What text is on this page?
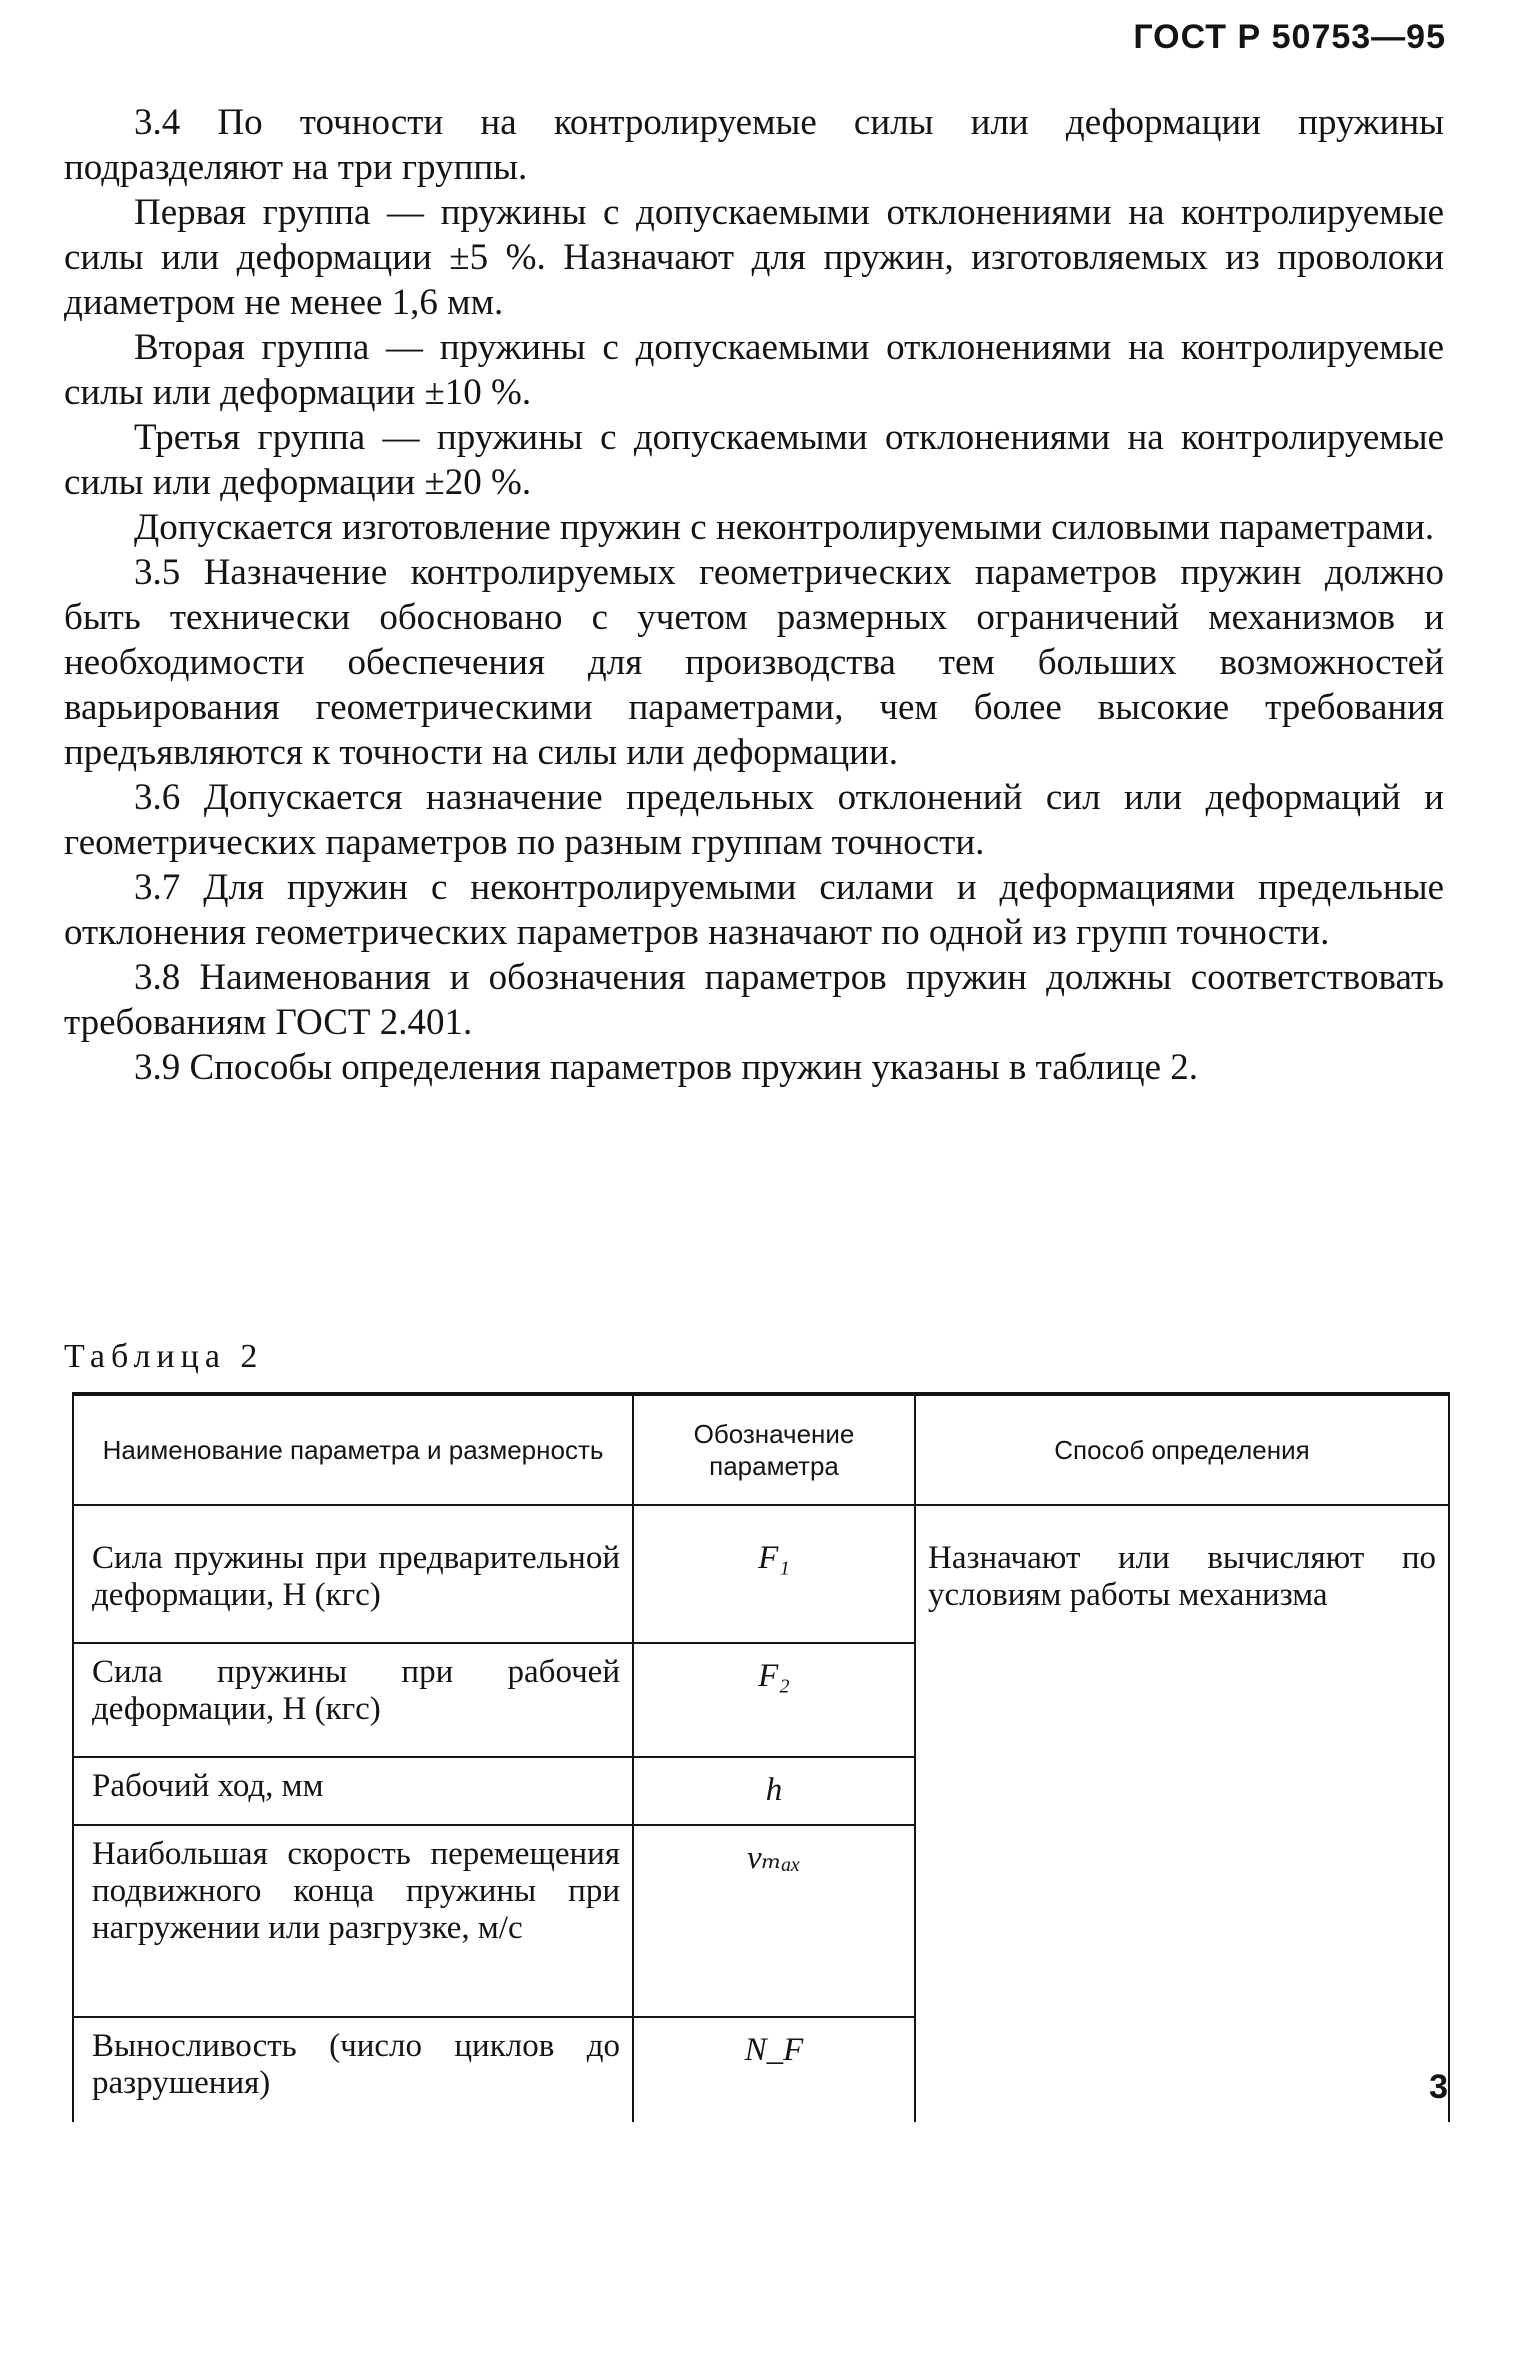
ГОСТ Р 50753—95

3.4 По точности на контролируемые силы или деформации пружины подразделяют на три группы.

Первая группа — пружины с допускаемыми отклонениями на контролируемые силы или деформации ±5 %. Назначают для пружин, изготовляемых из проволоки диаметром не менее 1,6 мм.

Вторая группа — пружины с допускаемыми отклонениями на контролируемые силы или деформации ±10 %.

Третья группа — пружины с допускаемыми отклонениями на контролируемые силы или деформации ±20 %.

Допускается изготовление пружин с неконтролируемыми силовыми параметрами.

3.5 Назначение контролируемых геометрических параметров пружин должно быть технически обосновано с учетом размерных ограничений механизмов и необходимости обеспечения для производства тем больших возможностей варьирования геометрическими параметрами, чем более высокие требования предъявляются к точности на силы или деформации.

3.6 Допускается назначение предельных отклонений сил или деформаций и геометрических параметров по разным группам точности.

3.7 Для пружин с неконтролируемыми силами и деформациями предельные отклонения геометрических параметров назначают по одной из групп точности.

3.8 Наименования и обозначения параметров пружин должны соответствовать требованиям ГОСТ 2.401.

3.9 Способы определения параметров пружин указаны в таблице 2.

Таблица 2
Наименование параметра и размерность	Обозначение параметра	Способ определения
Сила пружины при предварительной деформации, Н (кгс)	F₁	Назначают или вычисляют по условиям работы механизма
Сила пружины при рабочей деформации, Н (кгс)	F₂	
Рабочий ход, мм	h	
Наибольшая скорость перемещения подвижного конца пружины при нагружении или разгрузке, м/с	vₘₐₓ	
Выносливость (число циклов до разрушения)	N_F	
3
